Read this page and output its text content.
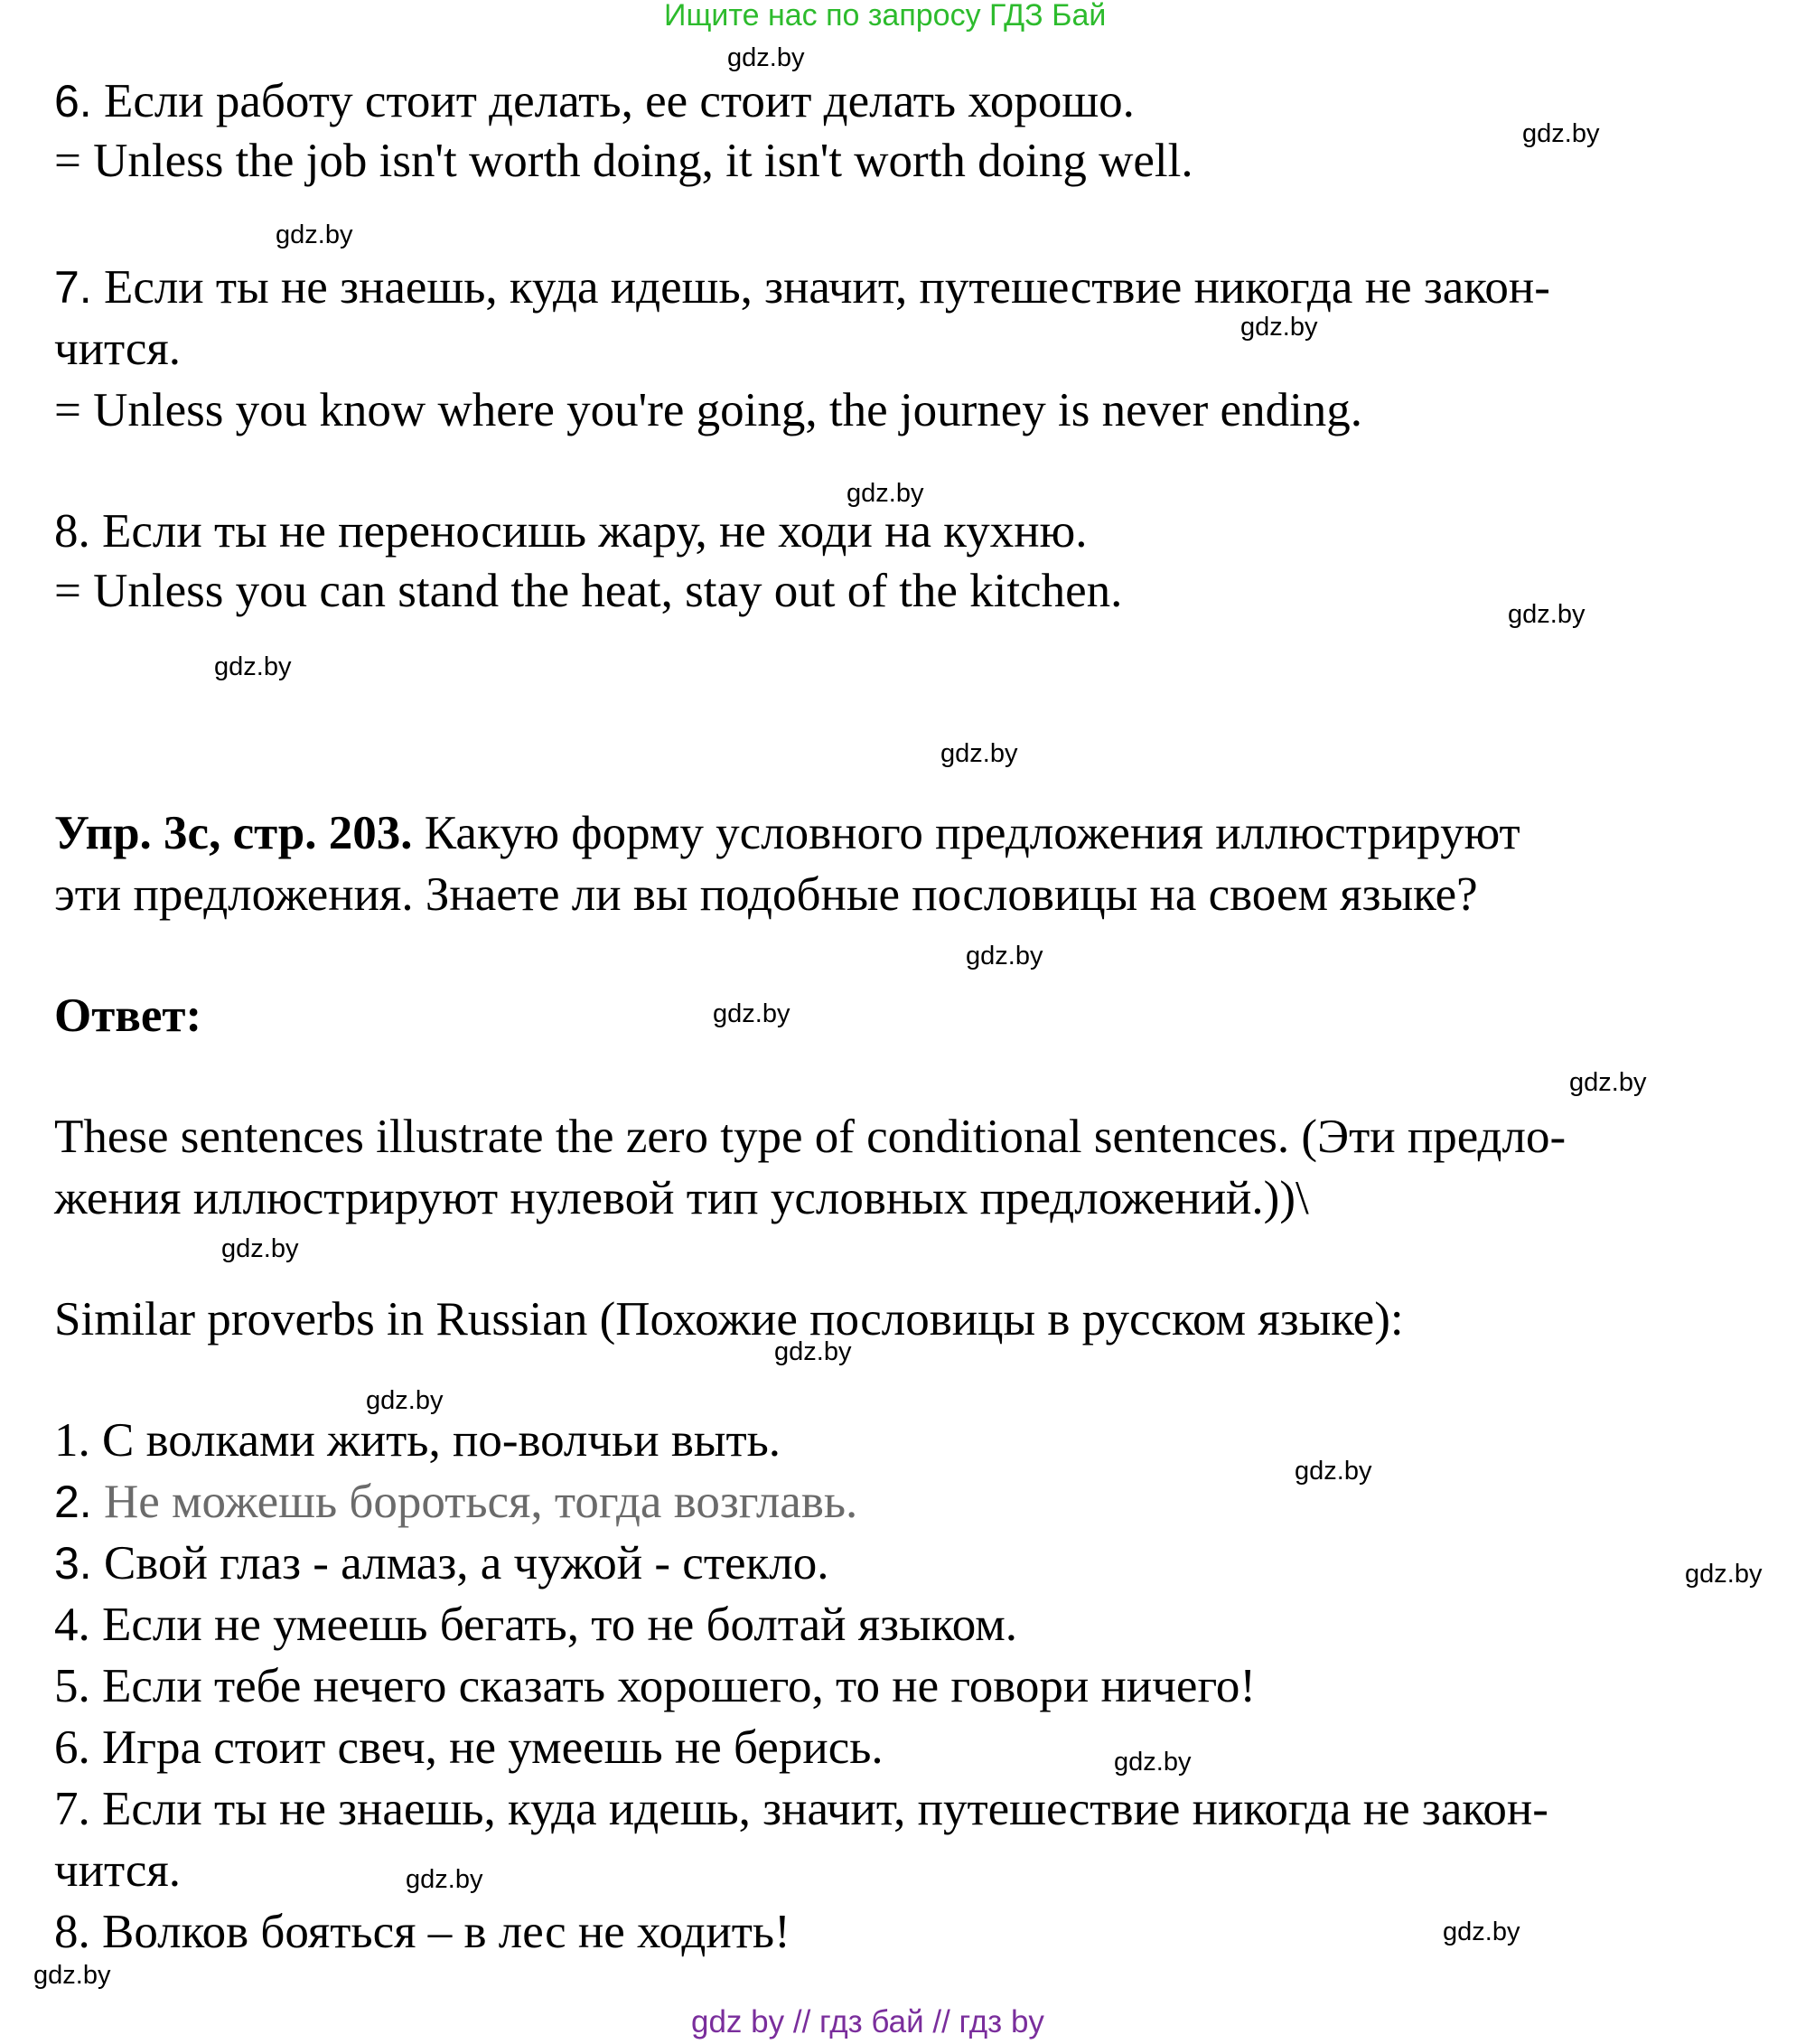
Ищите нас по запросу ГДЗ Бай
6. Если работу стоит делать, ее стоит делать хорошо.
= Unless the job isn't worth doing, it isn't worth doing well.
7. Если ты не знаешь, куда идешь, значит, путешествие никогда не закон-
чится.
= Unless you know where you're going, the journey is never ending.
8. Если ты не переносишь жару, не ходи на кухню.
= Unless you can stand the heat, stay out of the kitchen.
Упр. 3c, стр. 203. Какую форму условного предложения иллюстрируют
эти предложения. Знаете ли вы подобные пословицы на своем языке?
Ответ:
These sentences illustrate the zero type of conditional sentences. (Эти предло-
жения иллюстрируют нулевой тип условных предложений.))\
Similar proverbs in Russian (Похожие пословицы в русском языке):
1. С волками жить, по-волчьи выть.
2. Не можешь бороться, тогда возглавь.
3. Свой глаз - алмаз, а чужой - стекло.
4. Если не умеешь бегать, то не болтай языком.
5. Если тебе нечего сказать хорошего, то не говори ничего!
6. Игра стоит свеч, не умеешь не берись.
7. Если ты не знаешь, куда идешь, значит, путешествие никогда не закон-
чится.
8. Волков бояться – в лес не ходить!
gdz.by
gdz.by
gdz.by
gdz.by
gdz.by
gdz.by
gdz.by
gdz.by
gdz.by
gdz.by
gdz.by
gdz.by
gdz.by
gdz.by
gdz.by
gdz.by
gdz.by
gdz.by
gdz.by
gdz.by
gdz by // гдз бай // гдз by
